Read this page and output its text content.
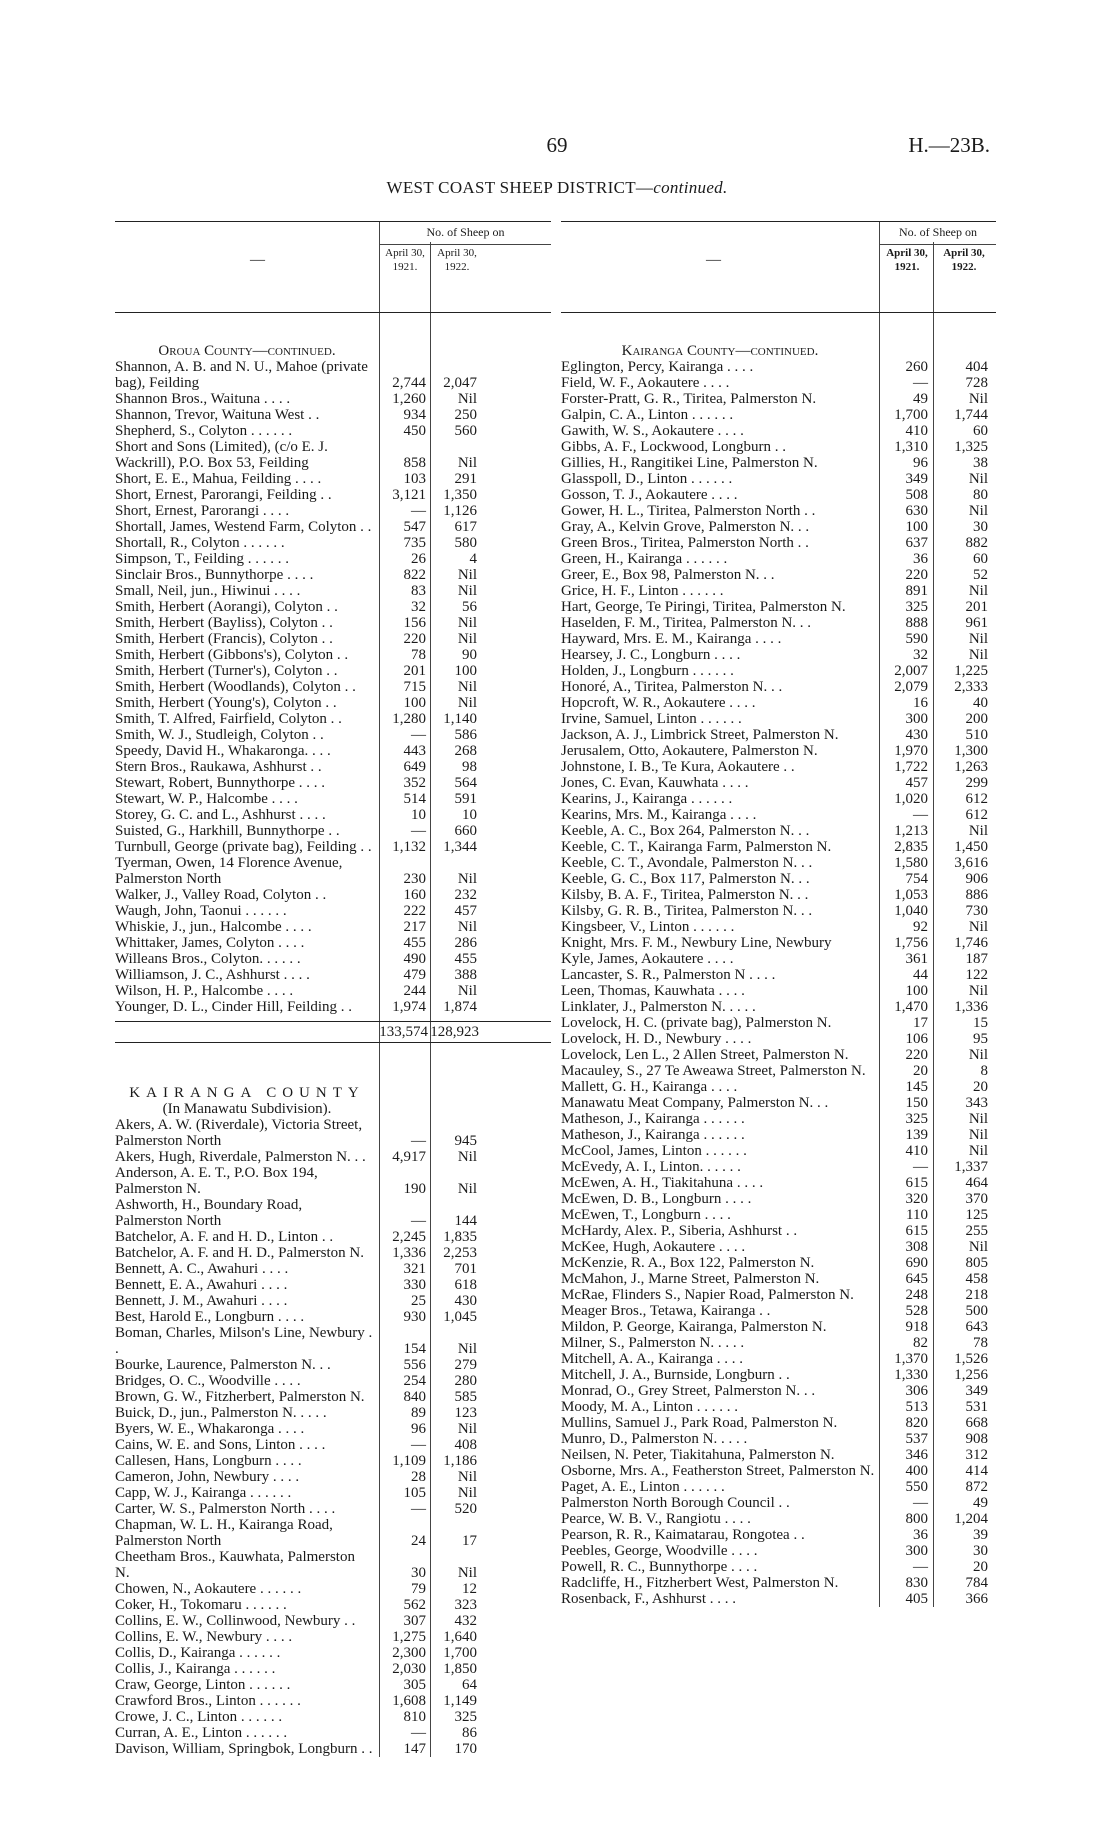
69	H.—23B.
WEST COAST SHEEP DISTRICT—continued.
—
No. of Sheep on
April 30,
1921.
April 30,
1922.
Oroua County—continued.
Shannon, A. B. and N. U., Mahoe (private bag), Feilding	2,744	2,047
Shannon Bros., Waituna . . . .	1,260	Nil
Shannon, Trevor, Waituna West . .	934	250
Shepherd, S., Colyton . . . . . .	450	560
Short and Sons (Limited), (c/o E. J. Wackrill), P.O. Box 53, Feilding	858	Nil
Short, E. E., Mahua, Feilding . . . .	103	291
Short, Ernest, Parorangi, Feilding . .	3,121	1,350
Short, Ernest, Parorangi . . . .	—	1,126
Shortall, James, Westend Farm, Colyton . .	547	617
Shortall, R., Colyton . . . . . .	735	580
Simpson, T., Feilding . . . . . .	26	4
Sinclair Bros., Bunnythorpe . . . .	822	Nil
Small, Neil, jun., Hiwinui . . . .	83	Nil
Smith, Herbert (Aorangi), Colyton . .	32	56
Smith, Herbert (Bayliss), Colyton . .	156	Nil
Smith, Herbert (Francis), Colyton . .	220	Nil
Smith, Herbert (Gibbons's), Colyton . .	78	90
Smith, Herbert (Turner's), Colyton . .	201	100
Smith, Herbert (Woodlands), Colyton . .	715	Nil
Smith, Herbert (Young's), Colyton . .	100	Nil
Smith, T. Alfred, Fairfield, Colyton . .	1,280	1,140
Smith, W. J., Studleigh, Colyton . .	—	586
Speedy, David H., Whakaronga. . . .	443	268
Stern Bros., Raukawa, Ashhurst . .	649	98
Stewart, Robert, Bunnythorpe . . . .	352	564
Stewart, W. P., Halcombe . . . .	514	591
Storey, G. C. and L., Ashhurst . . . .	10	10
Suisted, G., Harkhill, Bunnythorpe . .	—	660
Turnbull, George (private bag), Feilding . .	1,132	1,344
Tyerman, Owen, 14 Florence Avenue, Palmerston North	230	Nil
Walker, J., Valley Road, Colyton . .	160	232
Waugh, John, Taonui . . . . . .	222	457
Whiskie, J., jun., Halcombe . . . .	217	Nil
Whittaker, James, Colyton . . . .	455	286
Willeans Bros., Colyton. . . . . .	490	455
Williamson, J. C., Ashhurst . . . .	479	388
Wilson, H. P., Halcombe . . . .	244	Nil
Younger, D. L., Cinder Hill, Feilding . .	1,974	1,874
133,574 128,923
KAIRANGA COUNTY
(In Manawatu Subdivision).
Akers, A. W. (Riverdale), Victoria Street, Palmerston North	—	945
Akers, Hugh, Riverdale, Palmerston N. . .	4,917	Nil
Anderson, A. E. T., P.O. Box 194, Palmerston N.	190	Nil
Ashworth, H., Boundary Road, Palmerston North	—	144
Batchelor, A. F. and H. D., Linton . .	2,245	1,835
Batchelor, A. F. and H. D., Palmerston N.	1,336	2,253
Bennett, A. C., Awahuri . . . .	321	701
Bennett, E. A., Awahuri . . . .	330	618
Bennett, J. M., Awahuri . . . .	25	430
Best, Harold E., Longburn . . . .	930	1,045
Boman, Charles, Milson's Line, Newbury . .	154	Nil
Bourke, Laurence, Palmerston N. . .	556	279
Bridges, O. C., Woodville . . . .	254	280
Brown, G. W., Fitzherbert, Palmerston N.	840	585
Buick, D., jun., Palmerston N. . . . .	89	123
Byers, W. E., Whakaronga . . . .	96	Nil
Cains, W. E. and Sons, Linton . . . .	—	408
Callesen, Hans, Longburn . . . .	1,109	1,186
Cameron, John, Newbury . . . .	28	Nil
Capp, W. J., Kairanga . . . . . .	105	Nil
Carter, W. S., Palmerston North . . . .	—	520
Chapman, W. L. H., Kairanga Road, Palmerston North	24	17
Cheetham Bros., Kauwhata, Palmerston N.	30	Nil
Chowen, N., Aokautere . . . . . .	79	12
Coker, H., Tokomaru . . . . . .	562	323
Collins, E. W., Collinwood, Newbury . .	307	432
Collins, E. W., Newbury . . . .	1,275	1,640
Collis, D., Kairanga . . . . . .	2,300	1,700
Collis, J., Kairanga . . . . . .	2,030	1,850
Craw, George, Linton . . . . . .	305	64
Crawford Bros., Linton . . . . . .	1,608	1,149
Crowe, J. C., Linton . . . . . .	810	325
Curran, A. E., Linton . . . . . .	—	86
Davison, William, Springbok, Longburn . .	147	170
—
No. of Sheep on
April 30,
1921.
April 30,
1922.
Kairanga County—continued.
Eglington, Percy, Kairanga . . . .	260	404
Field, W. F., Aokautere . . . .	—	728
Forster-Pratt, G. R., Tiritea, Palmerston N.	49	Nil
Galpin, C. A., Linton . . . . . .	1,700	1,744
Gawith, W. S., Aokautere . . . .	410	60
Gibbs, A. F., Lockwood, Longburn . .	1,310	1,325
Gillies, H., Rangitikei Line, Palmerston N.	96	38
Glasspoll, D., Linton . . . . . .	349	Nil
Gosson, T. J., Aokautere . . . .	508	80
Gower, H. L., Tiritea, Palmerston North . .	630	Nil
Gray, A., Kelvin Grove, Palmerston N. . .	100	30
Green Bros., Tiritea, Palmerston North . .	637	882
Green, H., Kairanga . . . . . .	36	60
Greer, E., Box 98, Palmerston N. . .	220	52
Grice, H. F., Linton . . . . . .	891	Nil
Hart, George, Te Piringi, Tiritea, Palmerston N.	325	201
Haselden, F. M., Tiritea, Palmerston N. . .	888	961
Hayward, Mrs. E. M., Kairanga . . . .	590	Nil
Hearsey, J. C., Longburn . . . .	32	Nil
Holden, J., Longburn . . . . . .	2,007	1,225
Honoré, A., Tiritea, Palmerston N. . .	2,079	2,333
Hopcroft, W. R., Aokautere . . . .	16	40
Irvine, Samuel, Linton . . . . . .	300	200
Jackson, A. J., Limbrick Street, Palmerston N.	430	510
Jerusalem, Otto, Aokautere, Palmerston N.	1,970	1,300
Johnstone, I. B., Te Kura, Aokautere . .	1,722	1,263
Jones, C. Evan, Kauwhata . . . .	457	299
Kearins, J., Kairanga . . . . . .	1,020	612
Kearins, Mrs. M., Kairanga . . . .	—	612
Keeble, A. C., Box 264, Palmerston N. . .	1,213	Nil
Keeble, C. T., Kairanga Farm, Palmerston N.	2,835	1,450
Keeble, C. T., Avondale, Palmerston N. . .	1,580	3,616
Keeble, G. C., Box 117, Palmerston N. . .	754	906
Kilsby, B. A. F., Tiritea, Palmerston N. . .	1,053	886
Kilsby, G. R. B., Tiritea, Palmerston N. . .	1,040	730
Kingsbeer, V., Linton . . . . . .	92	Nil
Knight, Mrs. F. M., Newbury Line, Newbury	1,756	1,746
Kyle, James, Aokautere . . . .	361	187
Lancaster, S. R., Palmerston N . . . .	44	122
Leen, Thomas, Kauwhata . . . .	100	Nil
Linklater, J., Palmerston N. . . . .	1,470	1,336
Lovelock, H. C. (private bag), Palmerston N.	17	15
Lovelock, H. D., Newbury . . . .	106	95
Lovelock, Len L., 2 Allen Street, Palmerston N.	220	Nil
Macauley, S., 27 Te Aweawa Street, Palmerston N.	20	8
Mallett, G. H., Kairanga . . . .	145	20
Manawatu Meat Company, Palmerston N. . .	150	343
Matheson, J., Kairanga . . . . . .	325	Nil
Matheson, J., Kairanga . . . . . .	139	Nil
McCool, James, Linton . . . . . .	410	Nil
McEvedy, A. I., Linton. . . . . .	—	1,337
McEwen, A. H., Tiakitahuna . . . .	615	464
McEwen, D. B., Longburn . . . .	320	370
McEwen, T., Longburn . . . .	110	125
McHardy, Alex. P., Siberia, Ashhurst . .	615	255
McKee, Hugh, Aokautere . . . .	308	Nil
McKenzie, R. A., Box 122, Palmerston N.	690	805
McMahon, J., Marne Street, Palmerston N.	645	458
McRae, Flinders S., Napier Road, Palmerston N.	248	218
Meager Bros., Tetawa, Kairanga . .	528	500
Mildon, P. George, Kairanga, Palmerston N.	918	643
Milner, S., Palmerston N. . . . .	82	78
Mitchell, A. A., Kairanga . . . .	1,370	1,526
Mitchell, J. A., Burnside, Longburn . .	1,330	1,256
Monrad, O., Grey Street, Palmerston N. . .	306	349
Moody, M. A., Linton . . . . . .	513	531
Mullins, Samuel J., Park Road, Palmerston N.	820	668
Munro, D., Palmerston N. . . . .	537	908
Neilsen, N. Peter, Tiakitahuna, Palmerston N.	346	312
Osborne, Mrs. A., Featherston Street, Palmerston N.	400	414
Paget, A. E., Linton . . . . . .	550	872
Palmerston North Borough Council . .	—	49
Pearce, W. B. V., Rangiotu . . . .	800	1,204
Pearson, R. R., Kaimatarau, Rongotea . .	36	39
Peebles, George, Woodville . . . .	300	30
Powell, R. C., Bunnythorpe . . . .	—	20
Radcliffe, H., Fitzherbert West, Palmerston N.	830	784
Rosenback, F., Ashhurst . . . .	405	366
